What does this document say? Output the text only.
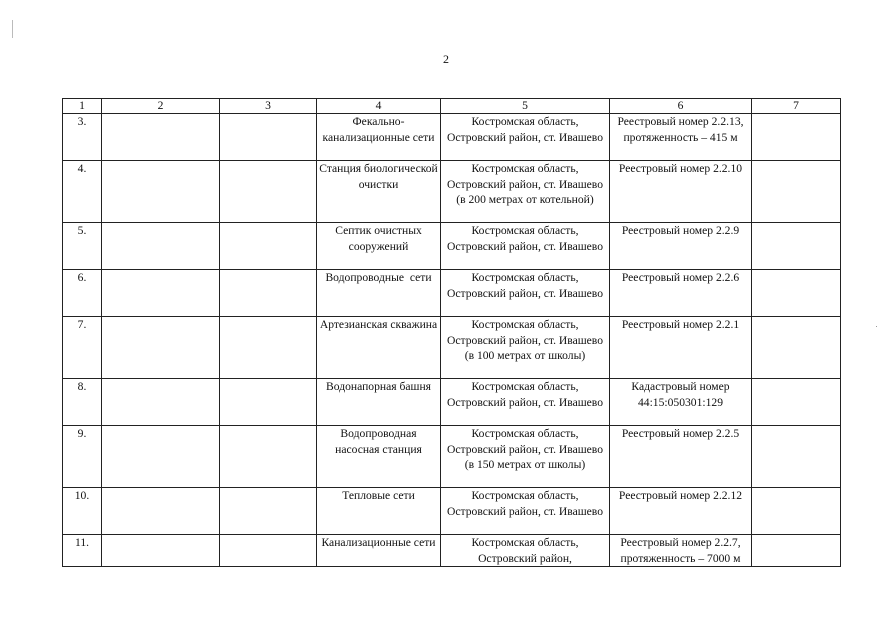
2
1	2	3	4	5	6	7
3.			Фекально-канализационные сети	Костромская область, Островский район, ст. Ивашево	Реестровый номер 2.2.13, протяженность – 415 м	
4.			Станция биологической очистки	Костромская область, Островский район, ст. Ивашево (в 200 метрах от котельной)	Реестровый номер 2.2.10	
5.			Септик очистных сооружений	Костромская область, Островский район, ст. Ивашево	Реестровый номер 2.2.9	
6.			Водопроводные  сети	Костромская область, Островский район, ст. Ивашево	Реестровый номер 2.2.6	
7.			Артезианская скважина	Костромская область, Островский район, ст. Ивашево (в 100 метрах от школы)	Реестровый номер 2.2.1	
8.			Водонапорная башня	Костромская область, Островский район, ст. Ивашево	Кадастровый номер 44:15:050301:129	

9.			Водопроводная насосная станция	Костромская область, Островский район, ст. Ивашево (в 150 метрах от школы)	Реестровый номер 2.2.5	
10.			Тепловые сети	Костромская область, Островский район, ст. Ивашево	Реестровый номер 2.2.12	
11.			Канализационные сети	Костромская область, Островский район,	Реестровый номер 2.2.7, протяженность – 7000 м	
